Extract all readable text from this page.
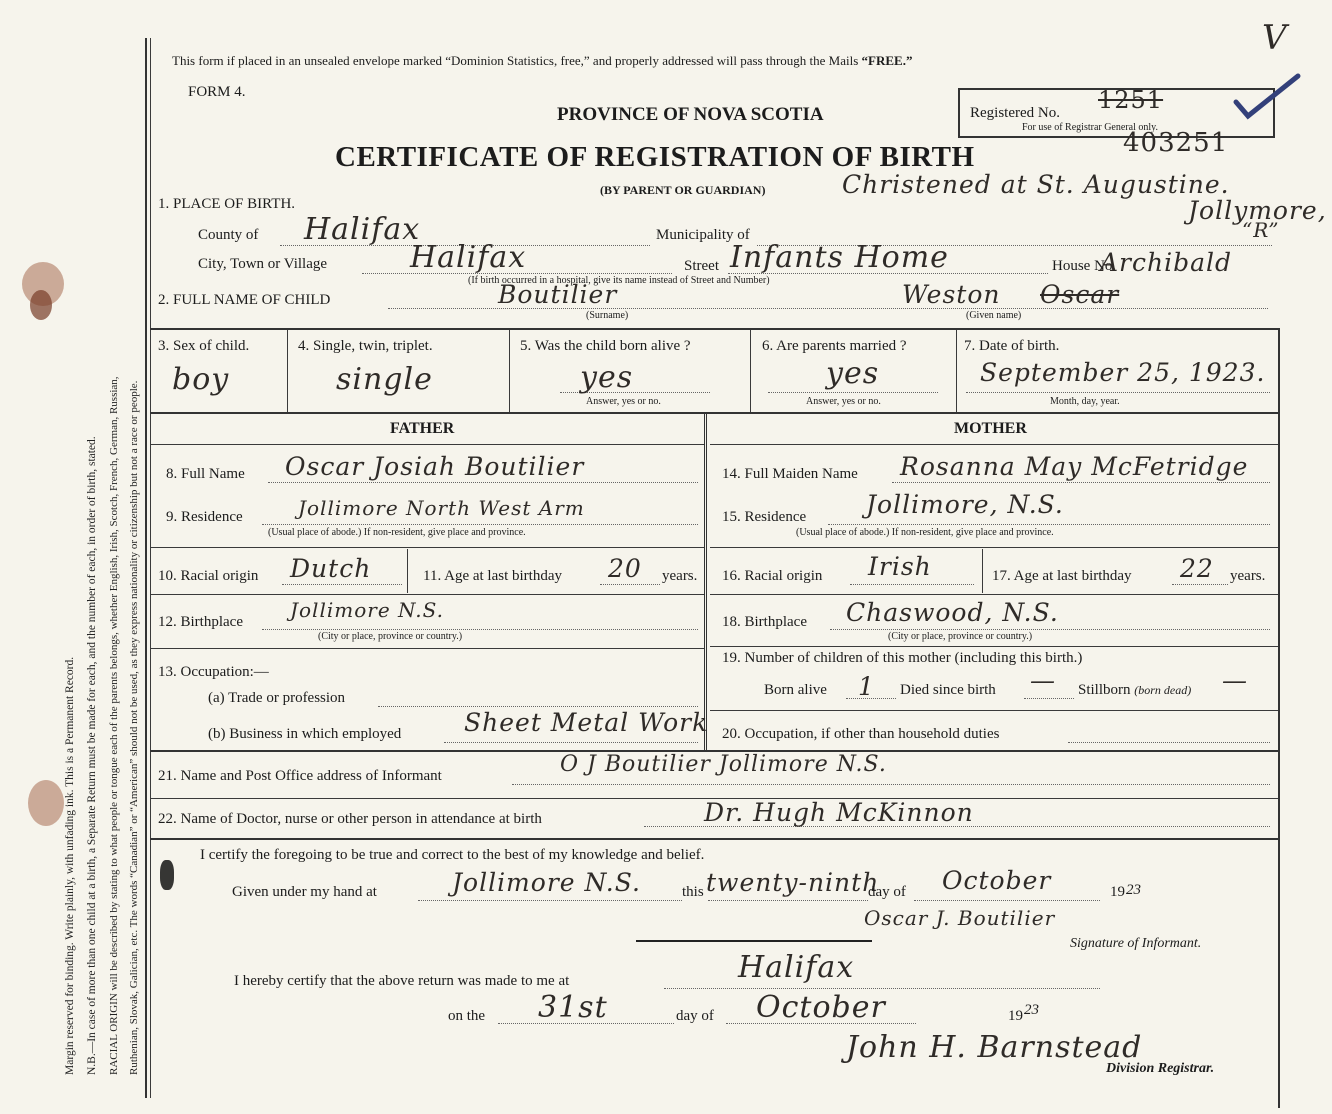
Margin reserved for binding. Write plainly, with unfading ink. This is a Permanent Record. N.B.—In case of more than one child at a birth, a Separate Return must be made for each, and the number of each, in order of birth, stated. RACIAL ORIGIN will be described by stating to what people or tongue each of the parents belongs, whether English, Irish, Scotch, French, German, Russian, Ruthenian, Slovak, Galician, etc. The words “Canadian” or “American” should not be used, as they express nationality or citizenship but not a race or people.
This form if placed in an unsealed envelope marked “Dominion Statistics, free,” and properly addressed will pass through the Mails “FREE.”
V
FORM 4.
PROVINCE OF NOVA SCOTIA
CERTIFICATE OF REGISTRATION OF BIRTH
(BY PARENT OR GUARDIAN)
Registered No.
For use of Registrar General only.
1251
403251
1. PLACE OF BIRTH.
Christened at St. Augustine.
Jollymore,
“R”
County of Halifax	Municipality of
City, Town or Village	Halifax	Street Infants Home	House No.
Archibald
(If birth occurred in a hospital, give its name instead of Street and Number)
2. FULL NAME OF CHILD	Boutilier
(Surname)
Weston Oscar
(Given name)
3. Sex of child.
boy
4. Single, twin, triplet.
single
5. Was the child born alive ?
yes
Answer, yes or no.
6. Are parents married ?
yes
Answer, yes or no.
7. Date of birth.
September 25, 1923.
Month, day, year.
FATHER	MOTHER
8. Full Name Oscar Josiah Boutilier
9. Residence	Jollimore North West Arm
(Usual place of abode.) If non-resident, give place and province.
10. Racial origin Dutch	11. Age at last birthday 20 years.
12. Birthplace Jollimore N.S.
(City or place, province or country.)
13. Occupation:—
(a) Trade or profession
(b) Business in which employed	Sheet Metal Work
14. Full Maiden Name Rosanna May McFetridge
15. Residence Jollimore, N.S.
(Usual place of abode.) If non-resident, give place and province.
16. Racial origin Irish	17. Age at last birthday 22 years.
18. Birthplace Chaswood, N.S.
(City or place, province or country.)
19. Number of children of this mother (including this birth.)
Born alive 1 Died since birth — Stillborn (born dead) —
20. Occupation, if other than household duties
21. Name and Post Office address of Informant	O J Boutilier Jollimore N.S.
22. Name of Doctor, nurse or other person in attendance at birth	Dr. Hugh McKinnon
I certify the foregoing to be true and correct to the best of my knowledge and belief.
Given under my hand at	Jollimore N.S.	this twenty-ninth
day of October	19 23
Oscar J. Boutilier
Signature of Informant.
I hereby certify that the above return was made to me at	Halifax
on the 31st	day of October	19 23
John H. Barnstead
Division Registrar.
